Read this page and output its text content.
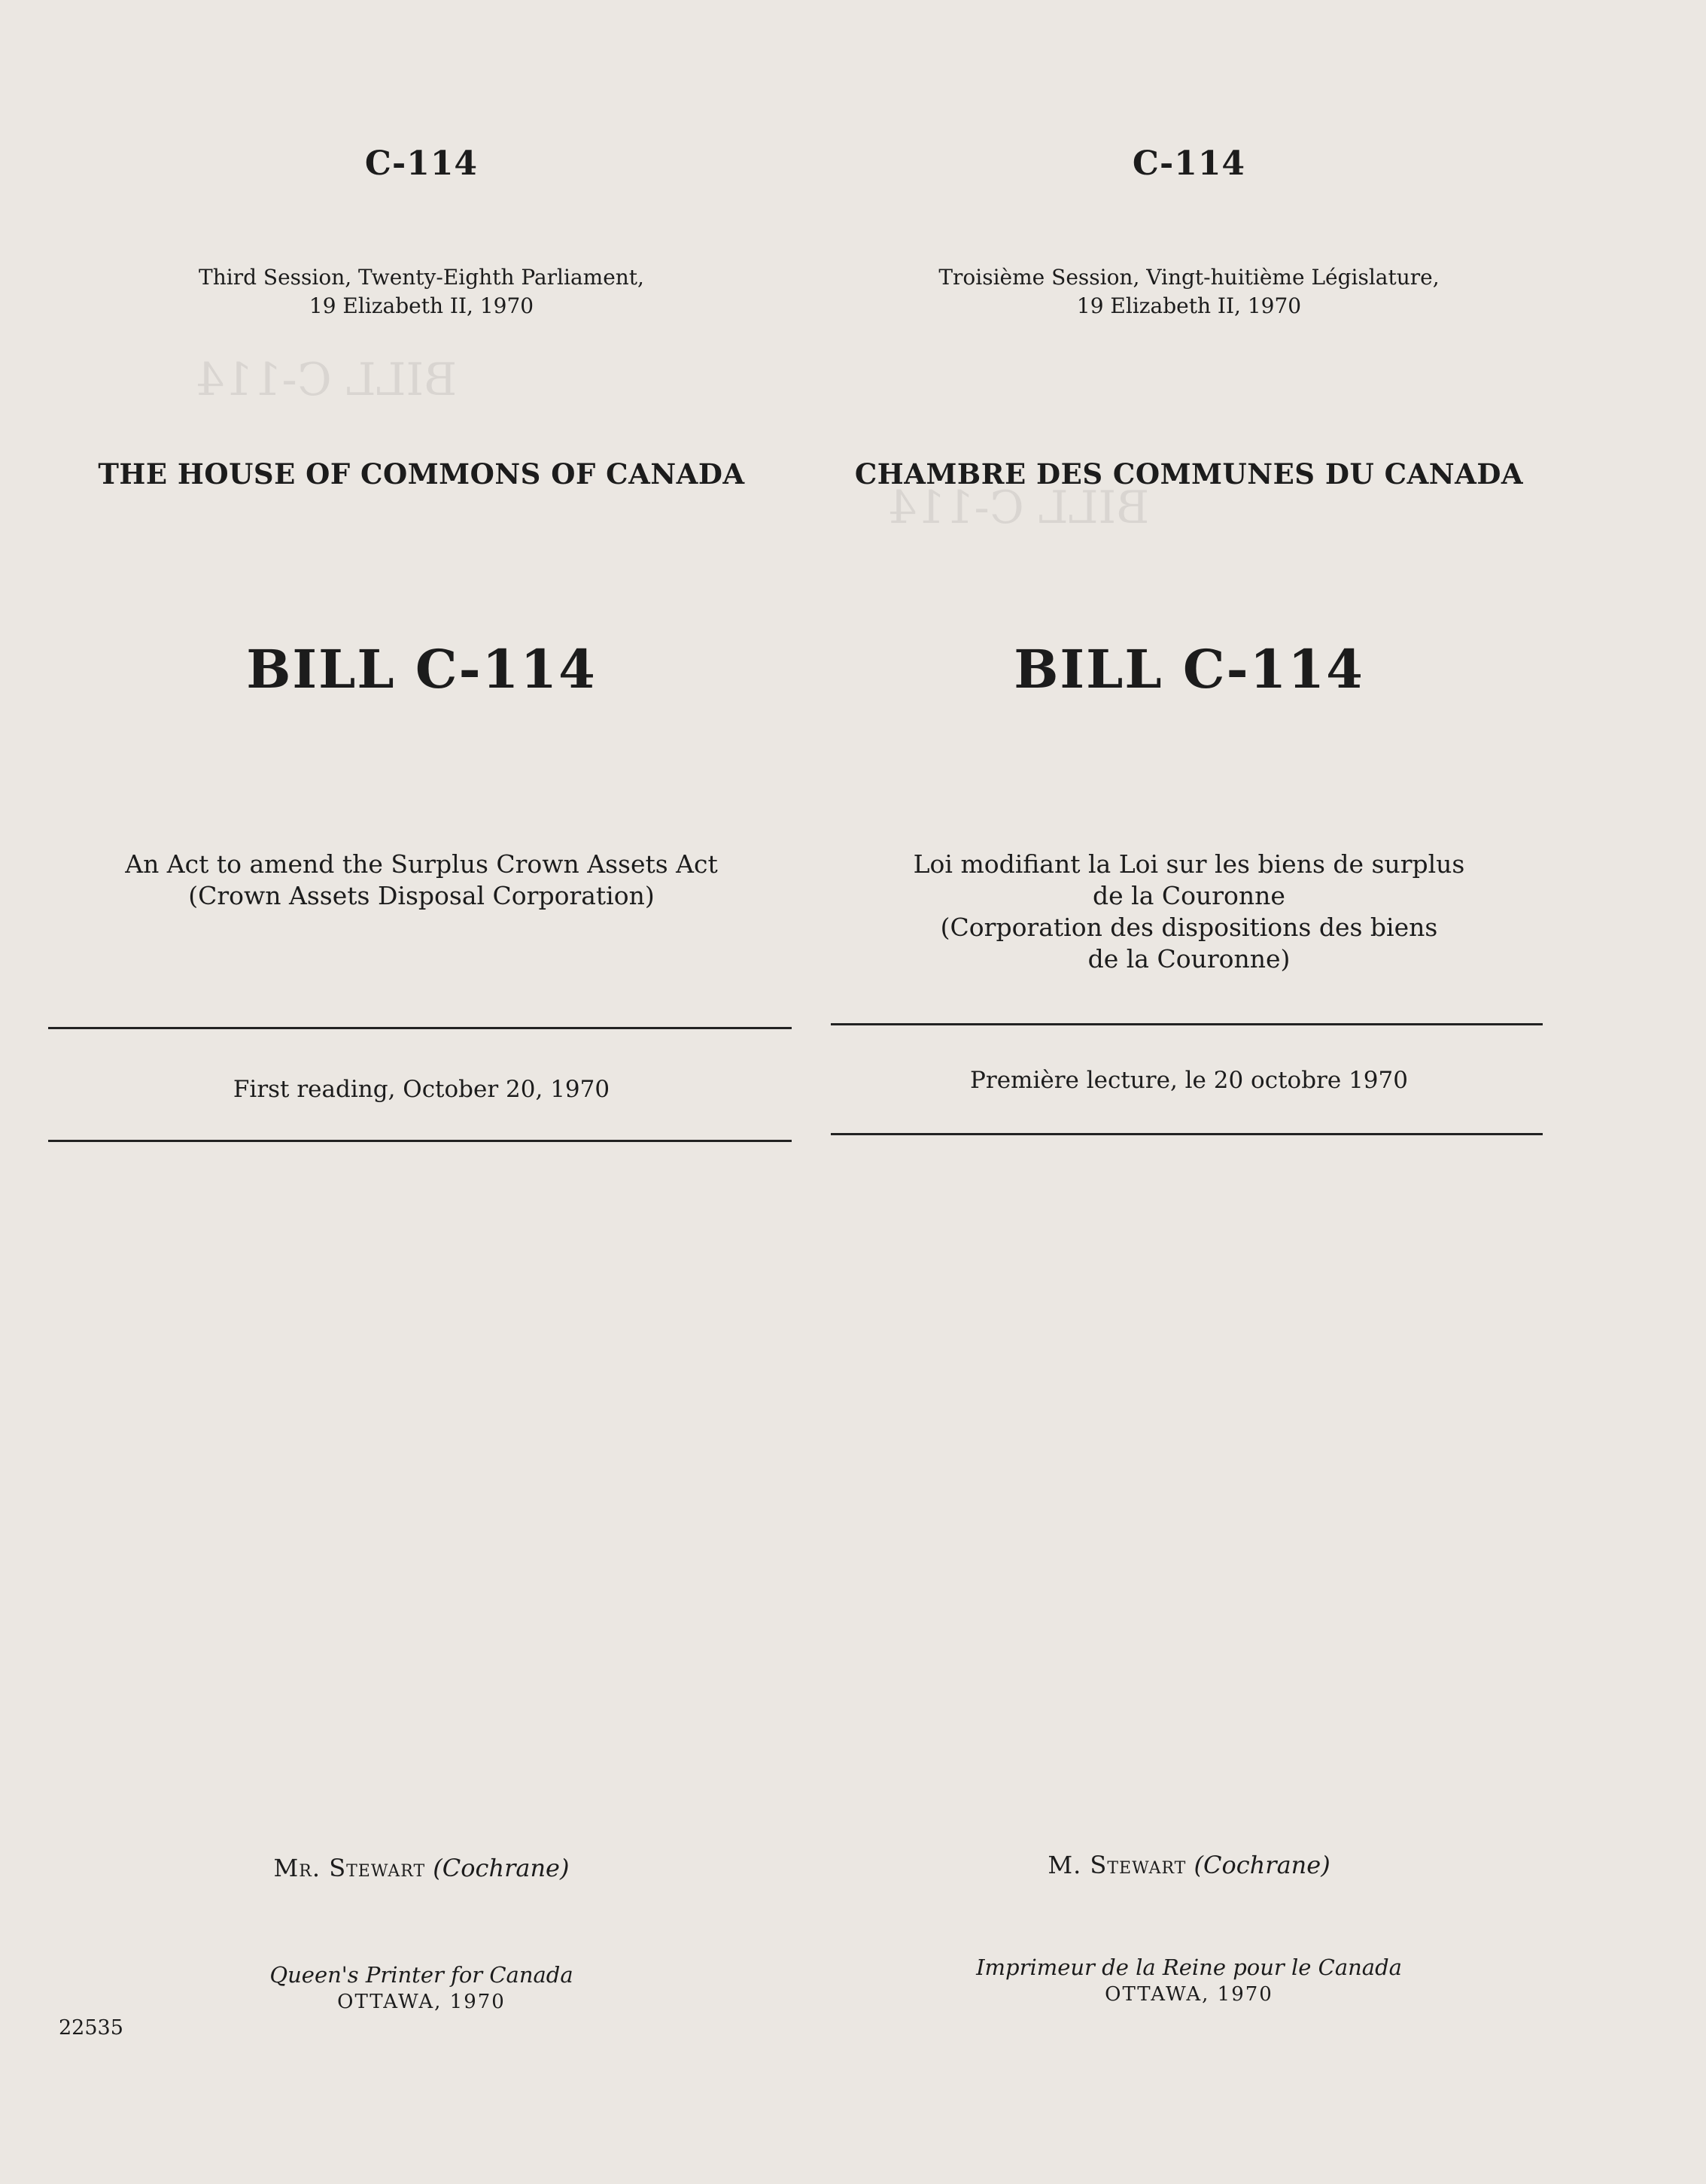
BILL C-114
BILL C-114
C-114
Third Session, Twenty-Eighth Parliament,
19 Elizabeth II, 1970
THE HOUSE OF COMMONS OF CANADA
BILL C-114
An Act to amend the Surplus Crown Assets Act
(Crown Assets Disposal Corporation)
First reading, October 20, 1970
Mr. Stewart (Cochrane)
Queen's Printer for Canada
OTTAWA, 1970
C-114
Troisième Session, Vingt-huitième Législature,
19 Elizabeth II, 1970
CHAMBRE DES COMMUNES DU CANADA
BILL C-114
Loi modifiant la Loi sur les biens de surplus
de la Couronne
(Corporation des dispositions des biens
de la Couronne)
Première lecture, le 20 octobre 1970
M. Stewart (Cochrane)
Imprimeur de la Reine pour le Canada
OTTAWA, 1970
22535
